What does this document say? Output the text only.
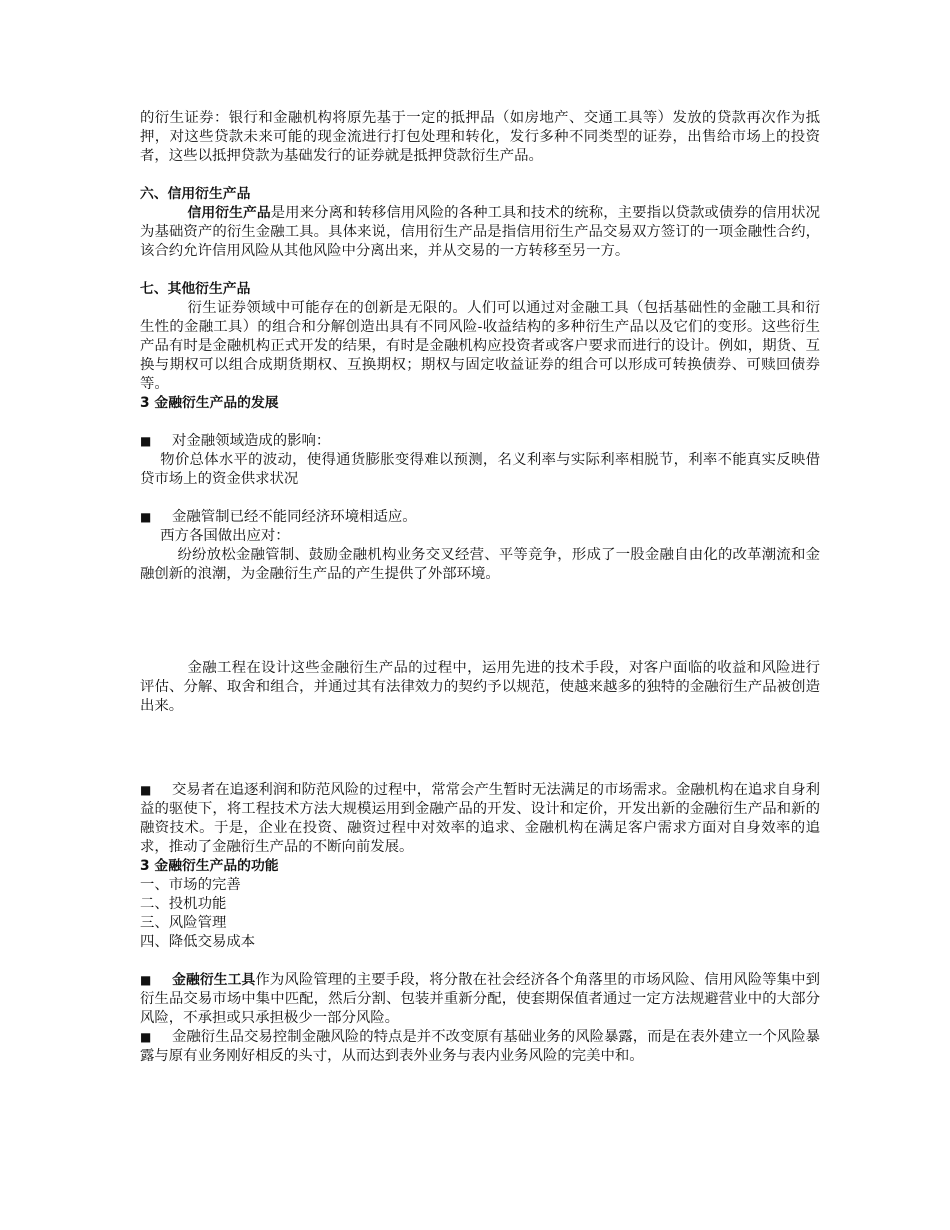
的衍生证券：银行和金融机构将原先基于一定的抵押品（如房地产、交通工具等）发放的贷款再次作为抵押，对这些贷款未来可能的现金流进行打包处理和转化，发行多种不同类型的证券，出售给市场上的投资者，这些以抵押贷款为基础发行的证券就是抵押贷款衍生产品。

六、信用衍生产品

信用衍生产品是用来分离和转移信用风险的各种工具和技术的统称，主要指以贷款或债券的信用状况为基础资产的衍生金融工具。具体来说，信用衍生产品是指信用衍生产品交易双方签订的一项金融性合约，该合约允许信用风险从其他风险中分离出来，并从交易的一方转移至另一方。

七、其他衍生产品

衍生证券领域中可能存在的创新是无限的。人们可以通过对金融工具（包括基础性的金融工具和衍生性的金融工具）的组合和分解创造出具有不同风险-收益结构的多种衍生产品以及它们的变形。这些衍生产品有时是金融机构正式开发的结果，有时是金融机构应投资者或客户要求而进行的设计。例如，期货、互换与期权可以组合成期货期权、互换期权；期权与固定收益证券的组合可以形成可转换债券、可赎回债券等。

3 金融衍生产品的发展

■ 对金融领域造成的影响：

物价总体水平的波动，使得通货膨胀变得难以预测，名义利率与实际利率相脱节，利率不能真实反映借贷市场上的资金供求状况

■ 金融管制已经不能同经济环境相适应。

西方各国做出应对：

纷纷放松金融管制、鼓励金融机构业务交叉经营、平等竞争，形成了一股金融自由化的改革潮流和金融创新的浪潮，为金融衍生产品的产生提供了外部环境。

金融工程在设计这些金融衍生产品的过程中，运用先进的技术手段，对客户面临的收益和风险进行评估、分解、取舍和组合，并通过其有法律效力的契约予以规范，使越来越多的独特的金融衍生产品被创造出来。

■ 交易者在追逐利润和防范风险的过程中，常常会产生暂时无法满足的市场需求。金融机构在追求自身利益的驱使下，将工程技术方法大规模运用到金融产品的开发、设计和定价，开发出新的金融衍生产品和新的融资技术。于是，企业在投资、融资过程中对效率的追求、金融机构在满足客户需求方面对自身效率的追求，推动了金融衍生产品的不断向前发展。

3 金融衍生产品的功能

一、市场的完善

二、投机功能

三、风险管理

四、降低交易成本

■ 金融衍生工具作为风险管理的主要手段，将分散在社会经济各个角落里的市场风险、信用风险等集中到衍生品交易市场中集中匹配，然后分割、包装并重新分配，使套期保值者通过一定方法规避营业中的大部分风险，不承担或只承担极少一部分风险。

■ 金融衍生品交易控制金融风险的特点是并不改变原有基础业务的风险暴露，而是在表外建立一个风险暴露与原有业务刚好相反的头寸，从而达到表外业务与表内业务风险的完美中和。
